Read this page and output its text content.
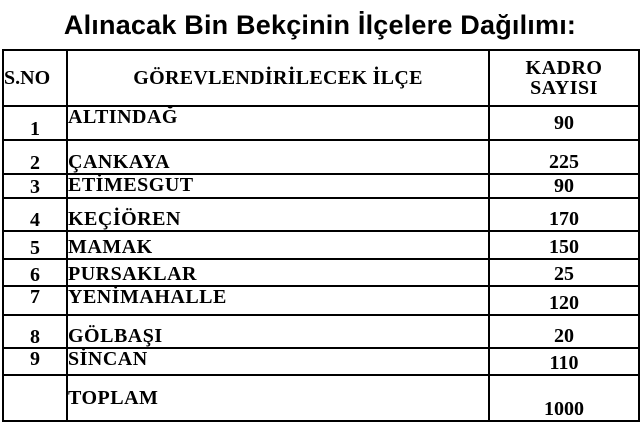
Alınacak Bin Bekçinin İlçelere Dağılımı:
S.NO	GÖREVLENDİRİLECEK İLÇE	KADRO
SAYISI

1	ALTINDAĞ	90
2	ÇANKAYA	225
3	ETİMESGUT	90
4	KEÇİÖREN	170
5	MAMAK	150
6	PURSAKLAR	25
7	YENİMAHALLE	120
8	GÖLBAŞI	20
9	SİNCAN	110
	TOPLAM	1000
